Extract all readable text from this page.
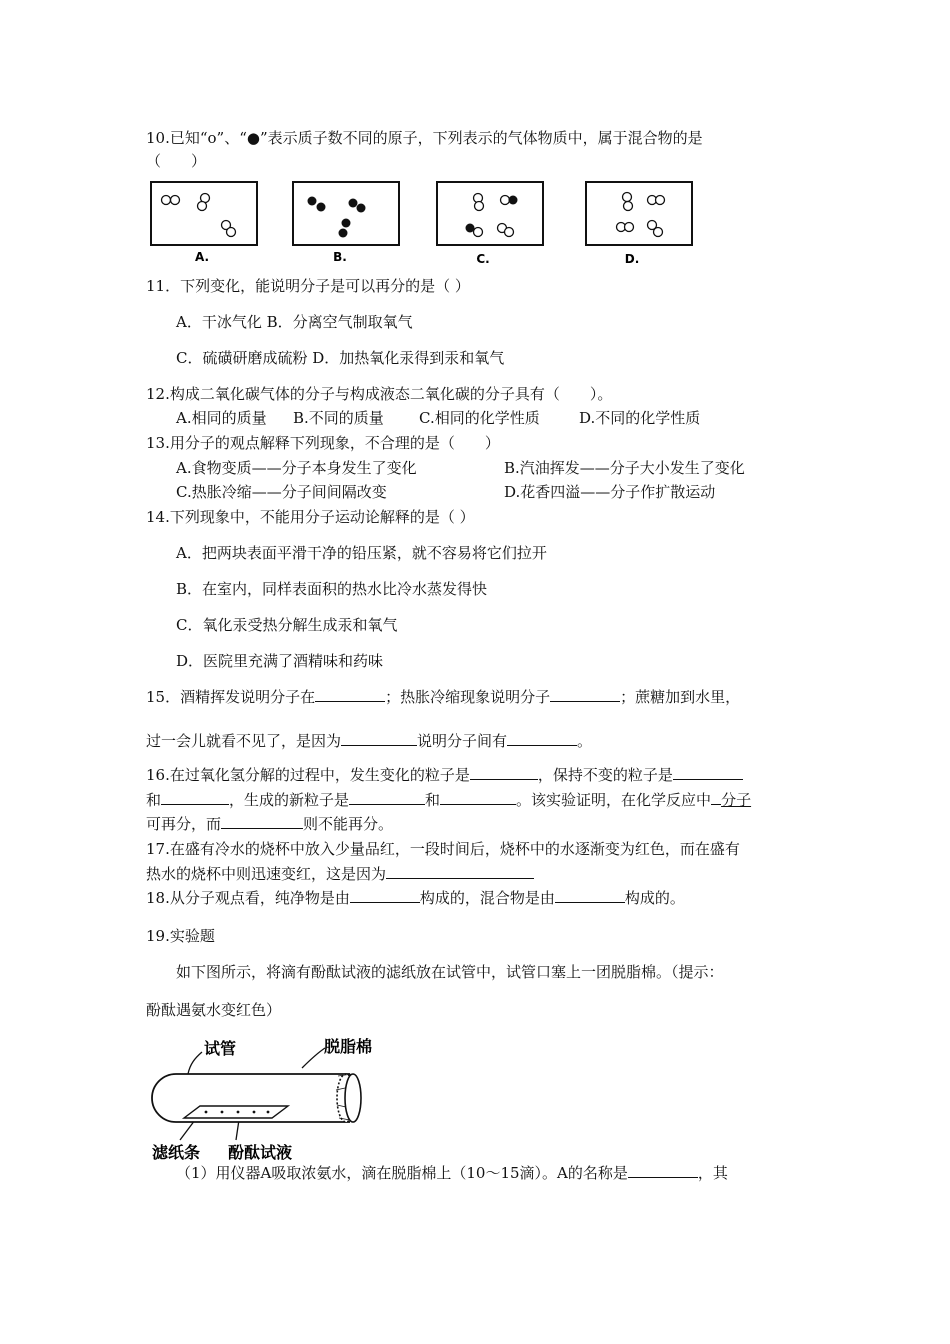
10.已知“o”、“●”表示质子数不同的原子，下列表示的气体物质中，属于混合物的是
（　　）
A.	B.	C.	D.
11．下列变化，能说明分子是可以再分的是（ ）
A．干冰气化 B．分离空气制取氧气
C．硫磺研磨成硫粉 D．加热氧化汞得到汞和氧气
12.构成二氧化碳气体的分子与构成液态二氧化碳的分子具有（　　）。
A.相同的质量 B.不同的质量 C.相同的化学性质	D.不同的化学性质
13.用分子的观点解释下列现象，不合理的是（　　）
A.食物变质——分子本身发生了变化	B.汽油挥发——分子大小发生了变化
C.热胀冷缩——分子间间隔改变	D.花香四溢——分子作扩散运动
14.下列现象中，不能用分子运动论解释的是（ ）
A．把两块表面平滑干净的铅压紧，就不容易将它们拉开
B．在室内，同样表面积的热水比冷水蒸发得快
C．氧化汞受热分解生成汞和氧气
D．医院里充满了酒精味和药味
15．酒精挥发说明分子在	；热胀冷缩现象说明分子	；蔗糖加到水里，
过一会儿就看不见了，是因为	说明分子间有	。
16.在过氧化氢分解的过程中，发生变化的粒子是	，保持不变的粒子是
和	，生成的新粒子是	和	。该实验证明，在化学反应中 分子
可再分，而	则不能再分。
17.在盛有冷水的烧杯中放入少量品红，一段时间后，烧杯中的水逐渐变为红色，而在盛有
热水的烧杯中则迅速变红，这是因为
18.从分子观点看，纯净物是由	构成的，混合物是由	构成的。
19.实验题
如下图所示，将滴有酚酞试液的滤纸放在试管中，试管口塞上一团脱脂棉。（提示：
酚酞遇氨水变红色）
试管	脱脂棉
滤纸条 酚酞试液
（1）用仪器A吸取浓氨水，滴在脱脂棉上（10～15滴）。A的名称是	，其
